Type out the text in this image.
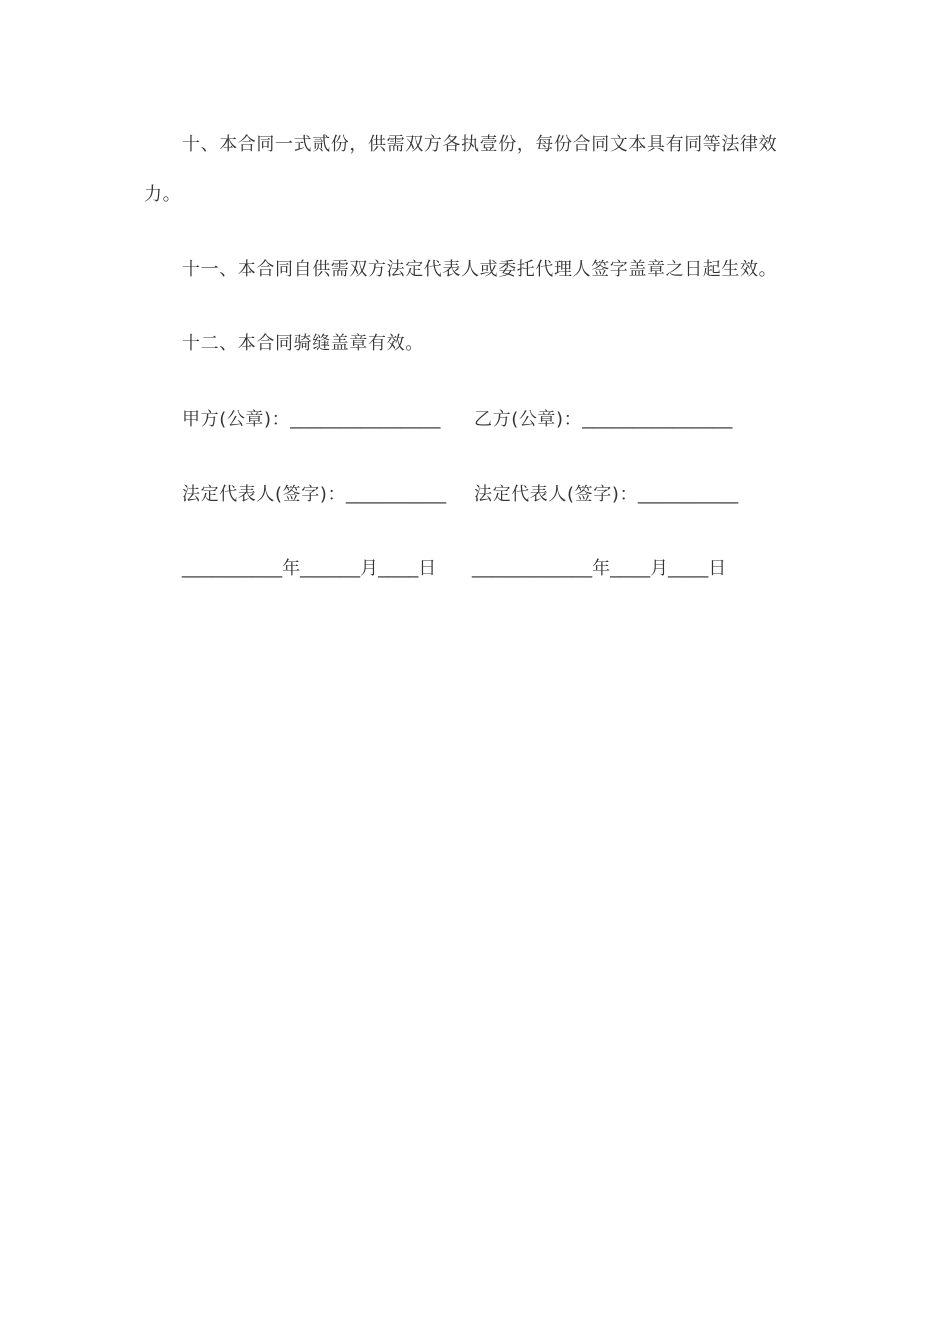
十、本合同一式贰份，供需双方各执壹份，每份合同文本具有同等法律效
力。
十一、本合同自供需双方法定代表人或委托代理人签字盖章之日起生效。
十二、本合同骑缝盖章有效。
甲方(公章)：_______________ 乙方(公章)：_______________
法定代表人(签字)：__________ 法定代表人(签字)：__________
__________年______月____日 ____________年____月____日
